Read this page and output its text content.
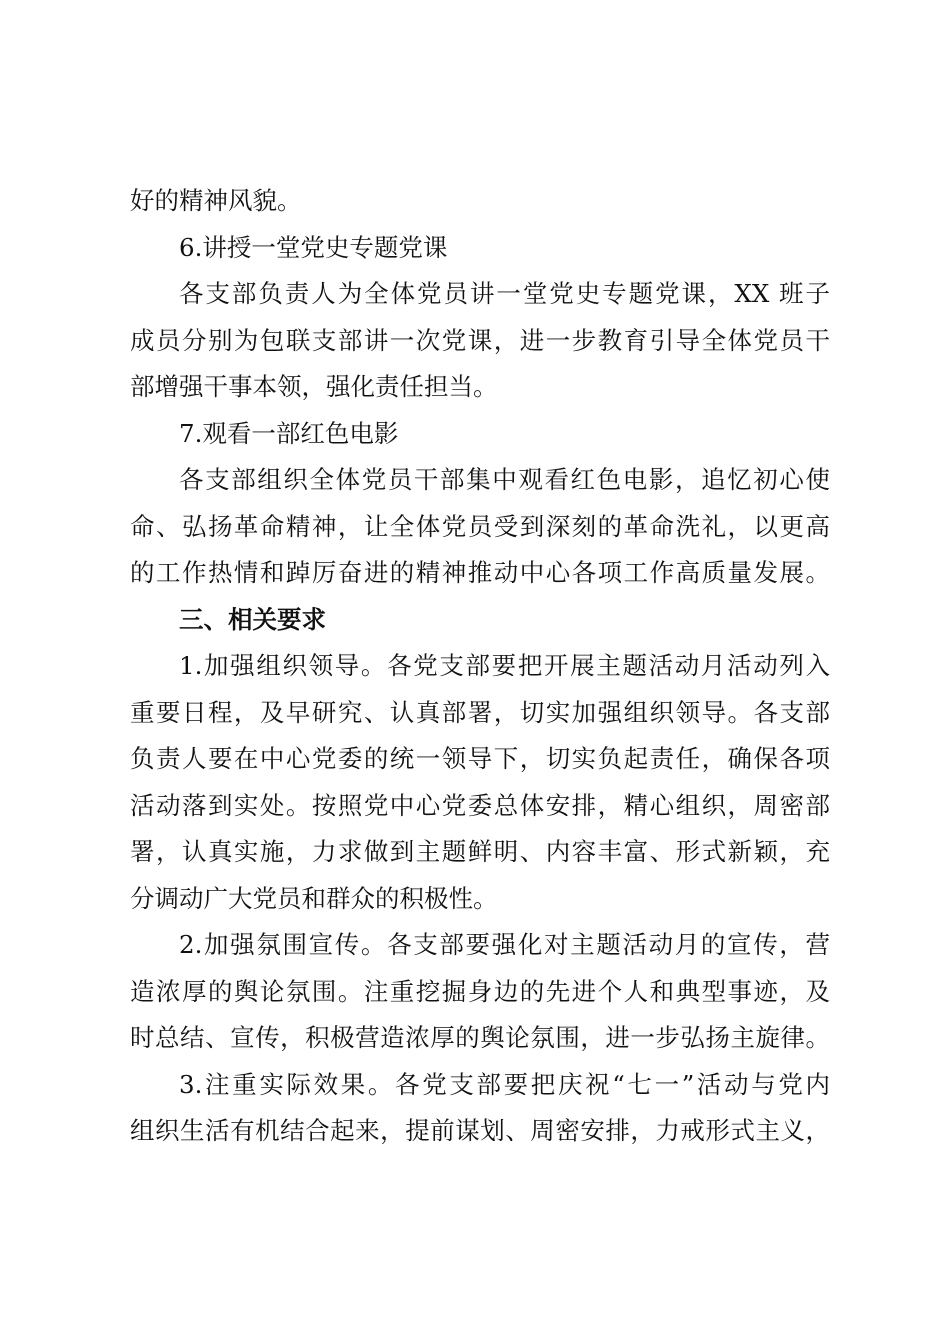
好的精神风貌。
6.讲授一堂党史专题党课
各支部负责人为全体党员讲一堂党史专题党课，XX 班子
成员分别为包联支部讲一次党课，进一步教育引导全体党员干
部增强干事本领，强化责任担当。
7.观看一部红色电影
各支部组织全体党员干部集中观看红色电影，追忆初心使
命、弘扬革命精神，让全体党员受到深刻的革命洗礼，以更高
的工作热情和踔厉奋进的精神推动中心各项工作高质量发展。
三、相关要求
1.加强组织领导。各党支部要把开展主题活动月活动列入
重要日程，及早研究、认真部署，切实加强组织领导。各支部
负责人要在中心党委的统一领导下，切实负起责任，确保各项
活动落到实处。按照党中心党委总体安排，精心组织，周密部
署，认真实施，力求做到主题鲜明、内容丰富、形式新颖，充
分调动广大党员和群众的积极性。
2.加强氛围宣传。各支部要强化对主题活动月的宣传，营
造浓厚的舆论氛围。注重挖掘身边的先进个人和典型事迹，及
时总结、宣传，积极营造浓厚的舆论氛围，进一步弘扬主旋律。
3.注重实际效果。各党支部要把庆祝“七一”活动与党内
组织生活有机结合起来，提前谋划、周密安排，力戒形式主义，
